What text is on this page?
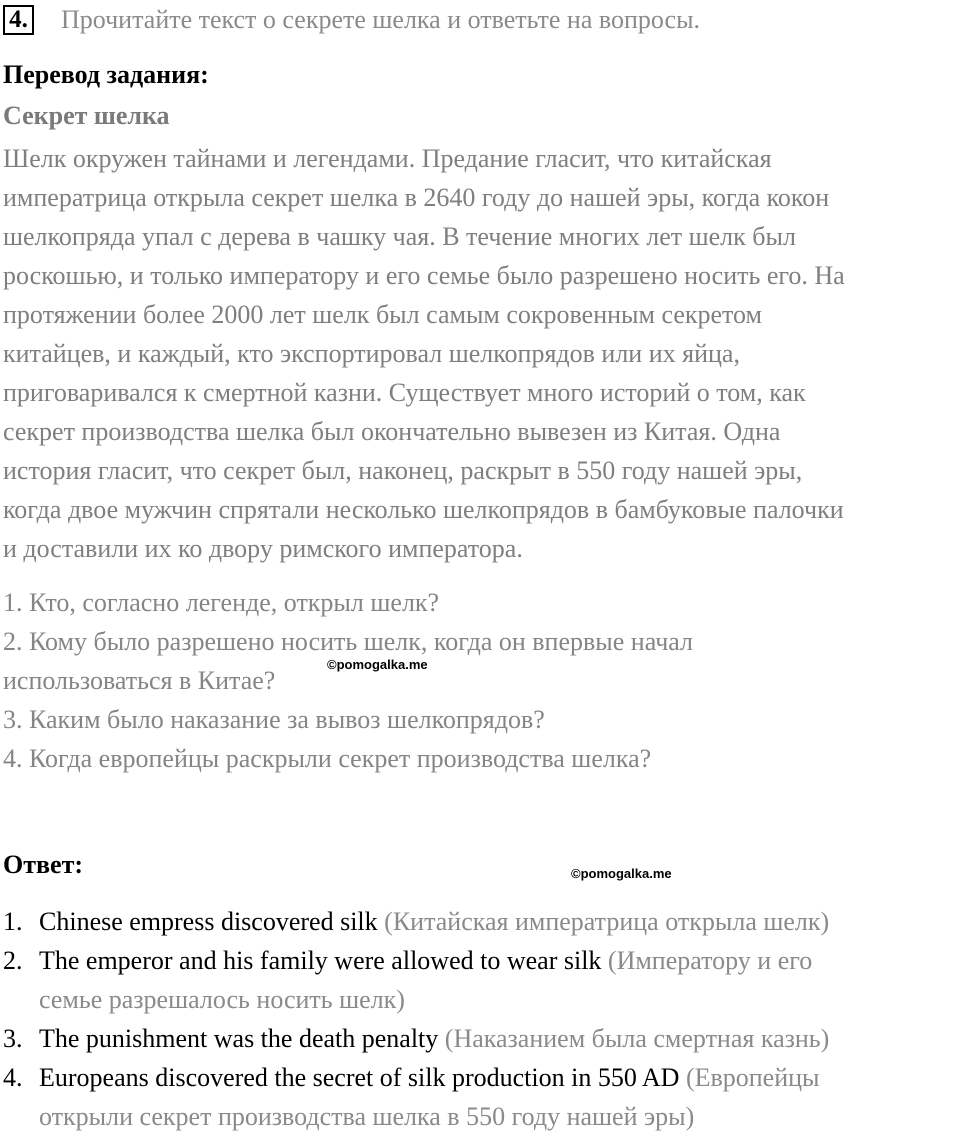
4. Прочитайте текст о секрете шелка и ответьте на вопросы.
Перевод задания:
Секрет шелка
Шелк окружен тайнами и легендами. Предание гласит, что китайская
императрица открыла секрет шелка в 2640 году до нашей эры, когда кокон
шелкопряда упал с дерева в чашку чая. В течение многих лет шелк был
роскошью, и только императору и его семье было разрешено носить его. На
протяжении более 2000 лет шелк был самым сокровенным секретом
китайцев, и каждый, кто экспортировал шелкопрядов или их яйца,
приговаривался к смертной казни. Существует много историй о том, как
секрет производства шелка был окончательно вывезен из Китая. Одна
история гласит, что секрет был, наконец, раскрыт в 550 году нашей эры,
когда двое мужчин спрятали несколько шелкопрядов в бамбуковые палочки
и доставили их ко двору римского императора.
1. Кто, согласно легенде, открыл шелк?
2. Кому было разрешено носить шелк, когда он впервые начал
использоваться в Китае?
3. Каким было наказание за вывоз шелкопрядов?
4. Когда европейцы раскрыли секрет производства шелка?
©pomogalka.me
Ответ:	©pomogalka.me
1. Chinese empress discovered silk (Китайская императрица открыла шелк)
2. The emperor and his family were allowed to wear silk (Императору и его
семье разрешалось носить шелк)
3. The punishment was the death penalty (Наказанием была смертная казнь)
4. Europeans discovered the secret of silk production in 550 AD (Европейцы
открыли секрет производства шелка в 550 году нашей эры)
